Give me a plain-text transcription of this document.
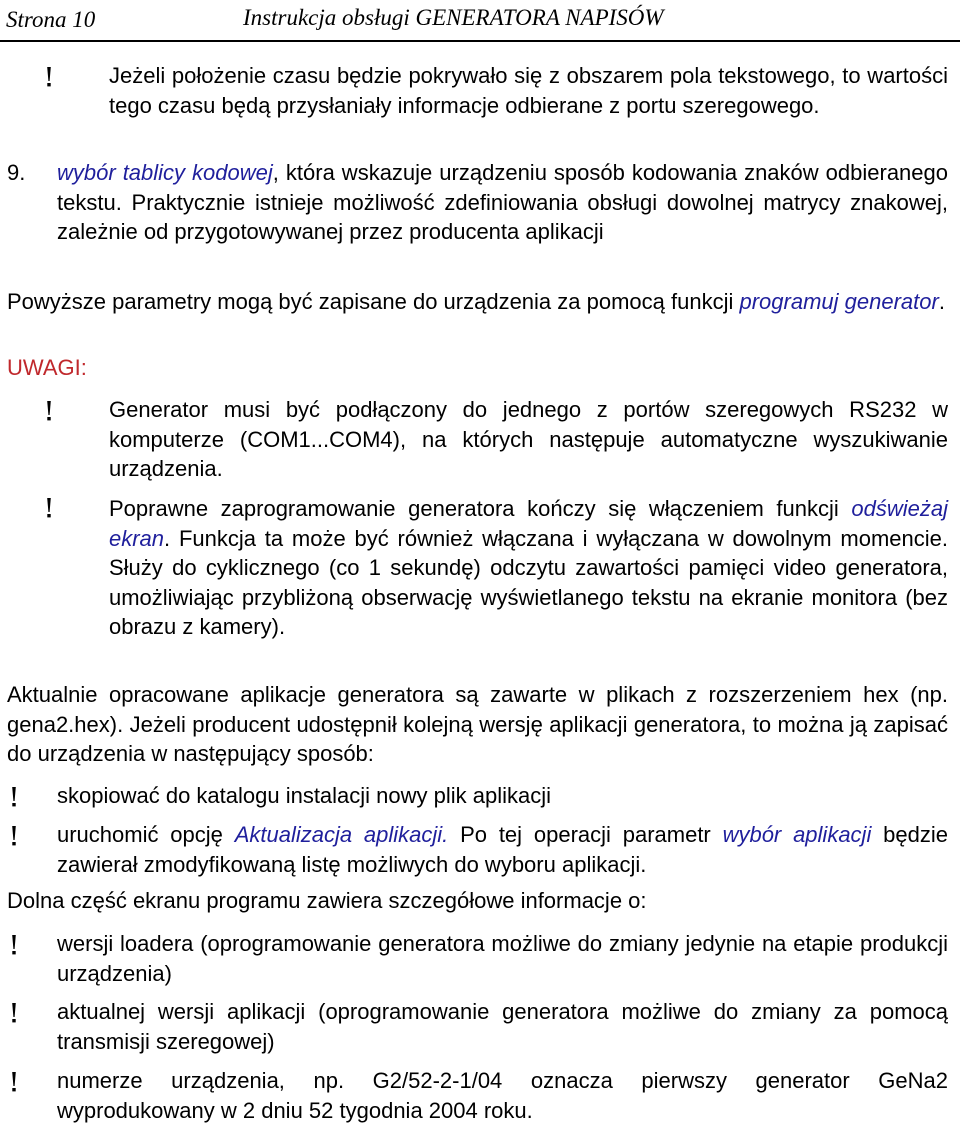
Strona 10	Instrukcja obsługi GENERATORA NAPISÓW

Jeżeli położenie czasu będzie pokrywało się z obszarem pola tekstowego, to wartości tego czasu będą przysłaniały informacje odbierane z portu szeregowego.

9. wybór tablicy kodowej, która wskazuje urządzeniu sposób kodowania znaków odbieranego tekstu. Praktycznie istnieje możliwość zdefiniowania obsługi dowolnej matrycy znakowej, zależnie od przygotowywanej przez producenta aplikacji

Powyższe parametry mogą być zapisane do urządzenia za pomocą funkcji programuj generator.

UWAGI:

Generator musi być podłączony do jednego z portów szeregowych RS232 w komputerze (COM1...COM4), na których następuje automatyczne wyszukiwanie urządzenia.

Poprawne zaprogramowanie generatora kończy się włączeniem funkcji odświeżaj ekran. Funkcja ta może być również włączana i wyłączana w dowolnym momencie. Służy do cyklicznego (co 1 sekundę) odczytu zawartości pamięci video generatora, umożliwiając przybliżoną obserwację wyświetlanego tekstu na ekranie monitora (bez obrazu z kamery).

Aktualnie opracowane aplikacje generatora są zawarte w plikach z rozszerzeniem hex (np. gena2.hex). Jeżeli producent udostępnił kolejną wersję aplikacji generatora, to można ją zapisać do urządzenia w następujący sposób:

skopiować do katalogu instalacji nowy plik aplikacji

uruchomić opcję Aktualizacja aplikacji. Po tej operacji parametr wybór aplikacji będzie zawierał zmodyfikowaną listę możliwych do wyboru aplikacji.

Dolna część ekranu programu zawiera szczegółowe informacje o:

wersji loadera (oprogramowanie generatora możliwe do zmiany jedynie na etapie produkcji urządzenia)

aktualnej wersji aplikacji (oprogramowanie generatora możliwe do zmiany za pomocą transmisji szeregowej)

numerze urządzenia, np. G2/52-2-1/04 oznacza pierwszy generator GeNa2 wyprodukowany w 2 dniu 52 tygodnia 2004 roku.
